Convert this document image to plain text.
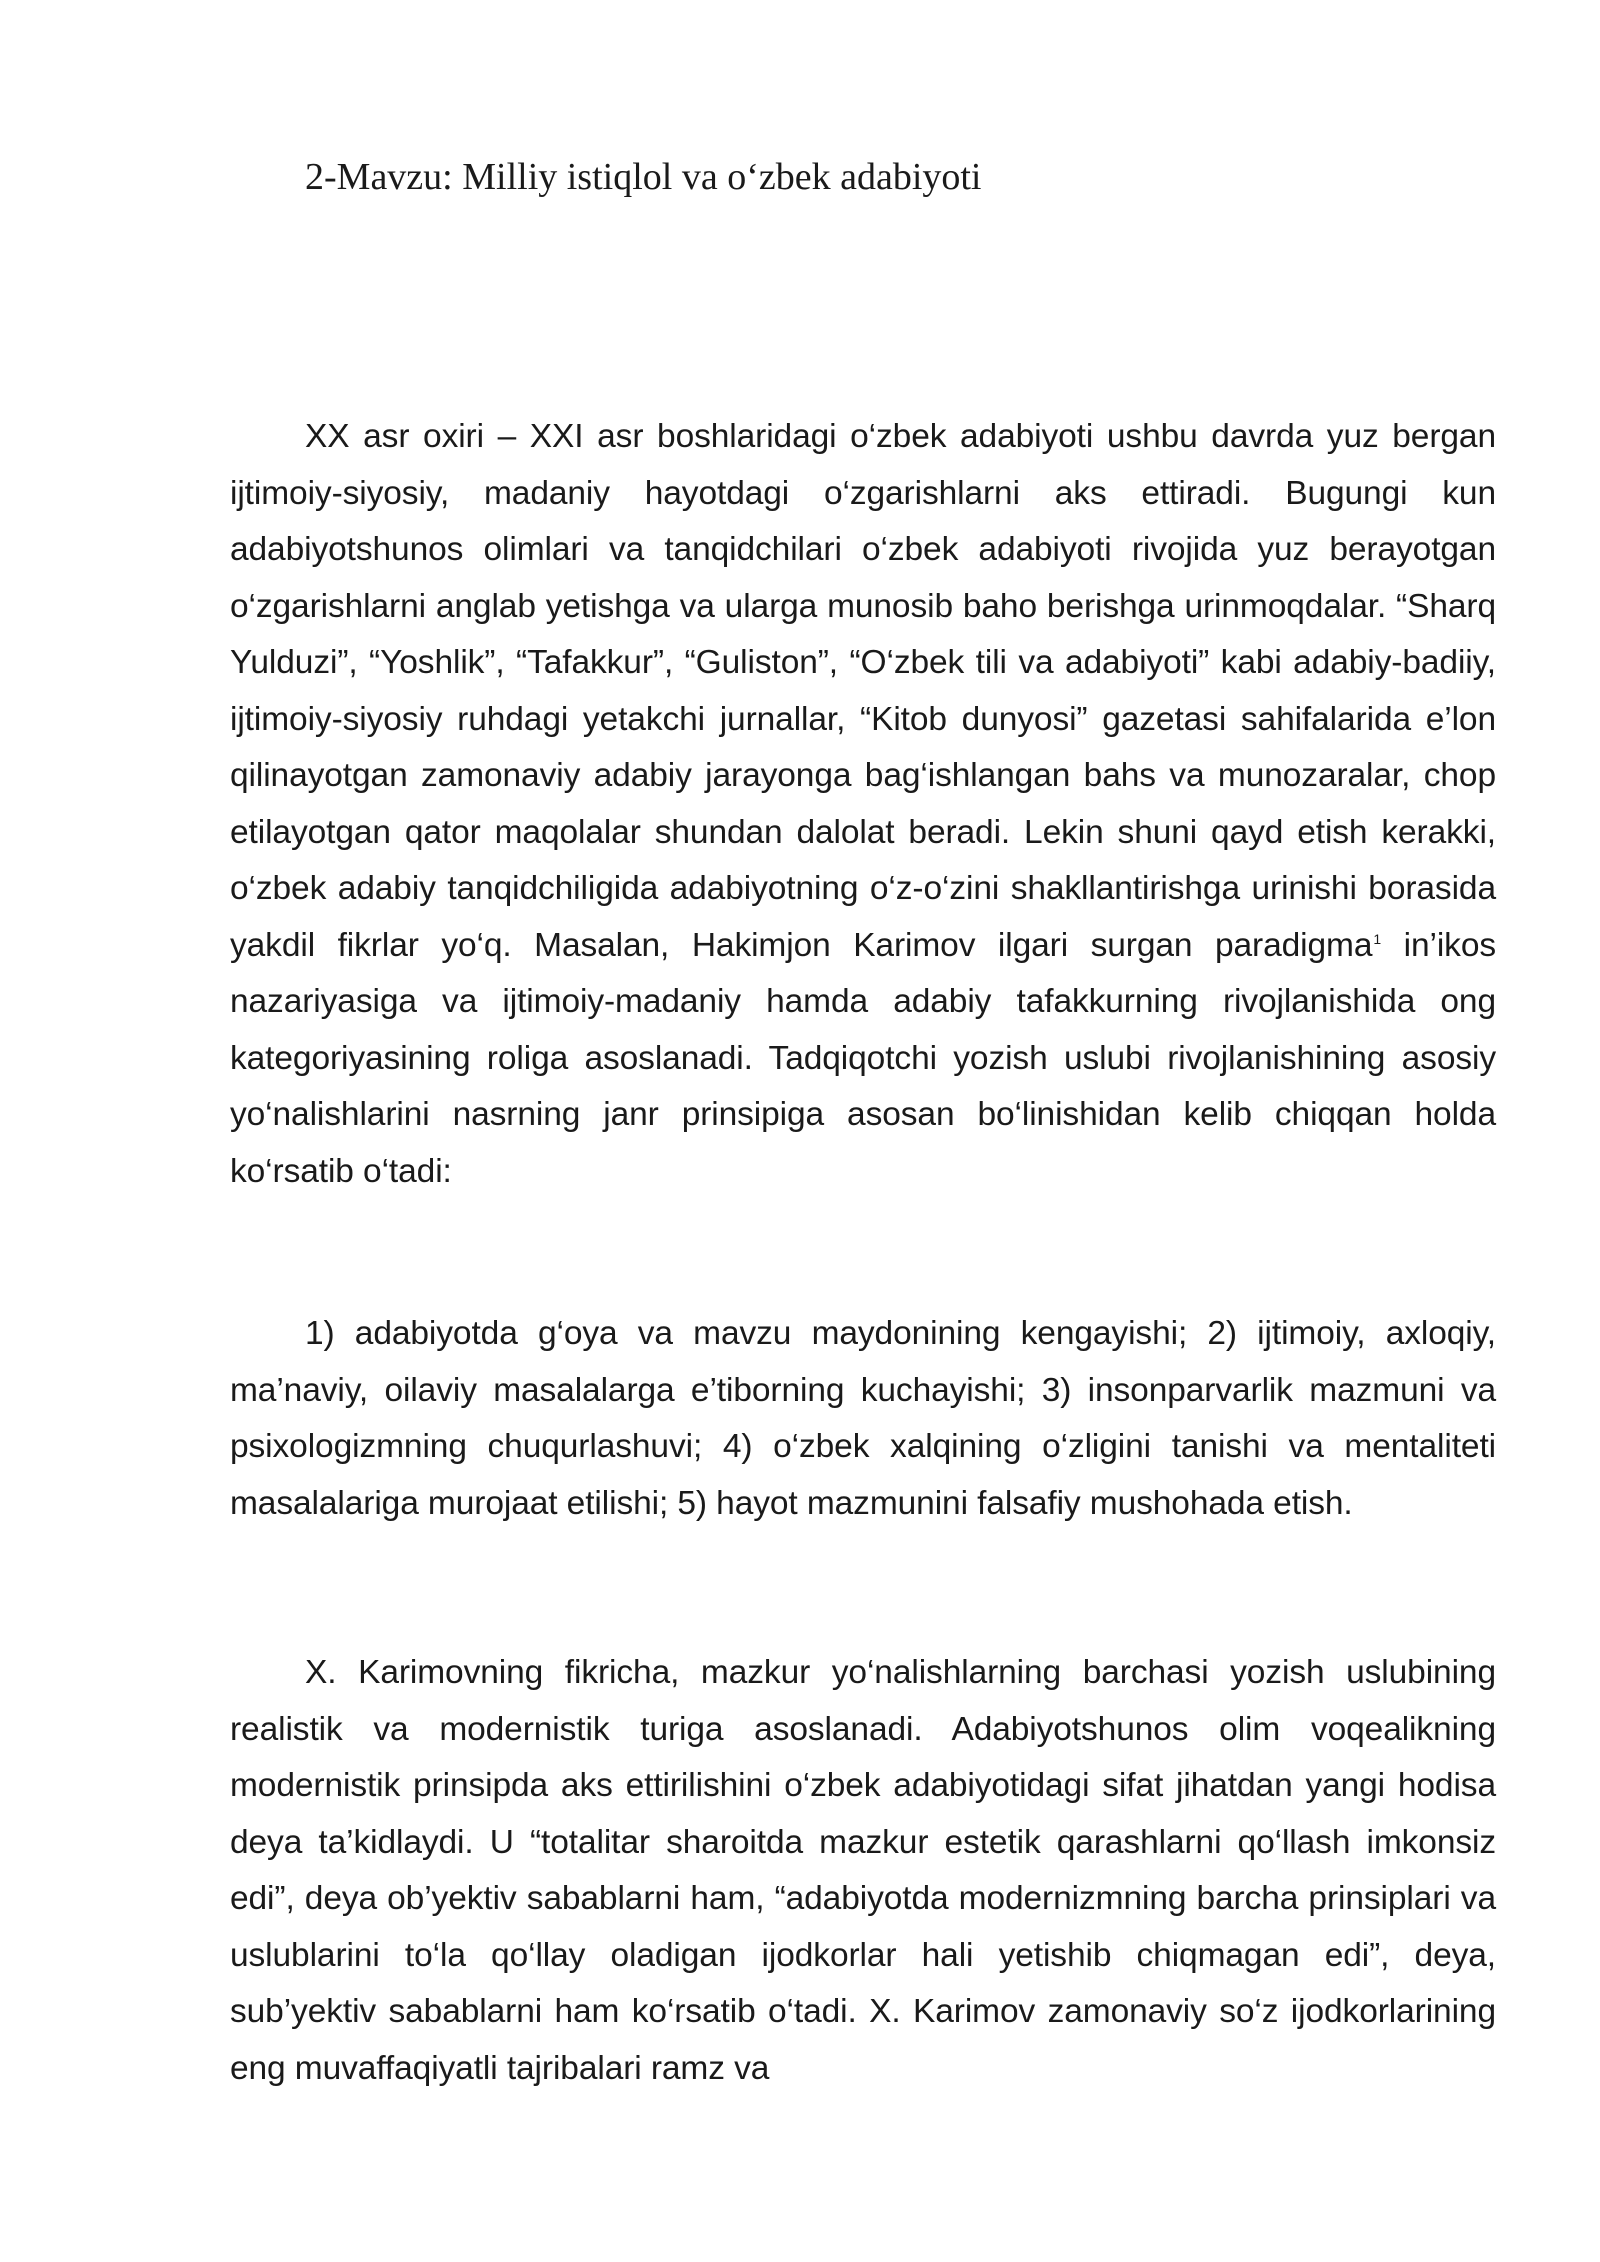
2-Mavzu: Milliy istiqlol va o‘zbek adabiyoti

XX asr oxiri – XXI asr boshlaridagi o‘zbek adabiyoti ushbu davrda yuz bergan ijtimoiy-siyosiy, madaniy hayotdagi o‘zgarishlarni aks ettiradi. Bugungi kun adabiyotshunos olimlari va tanqidchilari o‘zbek adabiyoti rivojida yuz berayotgan o‘zgarishlarni anglab yetishga va ularga munosib baho berishga urinmoqdalar. “Sharq Yulduzi”, “Yoshlik”, “Tafakkur”, “Guliston”, “O‘zbek tili va adabiyoti” kabi adabiy-badiiy, ijtimoiy-siyosiy ruhdagi yetakchi jurnallar, “Kitob dunyosi” gazetasi sahifalarida e’lon qilinayotgan zamonaviy adabiy jarayonga bag‘ishlangan bahs va munozaralar, chop etilayotgan qator maqolalar shundan dalolat beradi. Lekin shuni qayd etish kerakki, o‘zbek adabiy tanqidchiligida adabiyotning o‘z-o‘zini shakllantirishga urinishi borasida yakdil fikrlar yo‘q. Masalan, Hakimjon Karimov ilgari surgan paradigma$^1$ in’ikos nazariyasiga va ijtimoiy-madaniy hamda adabiy tafakkurning rivojlanishida ong kategoriyasining roliga asoslanadi. Tadqiqotchi yozish uslubi rivojlanishining asosiy yo‘nalishlarini nasrning janr prinsipiga asosan bo‘linishidan kelib chiqqan holda ko‘rsatib o‘tadi:

1) adabiyotda g‘oya va mavzu maydonining kengayishi; 2) ijtimoiy, axloqiy, ma’naviy, oilaviy masalalarga e’tiborning kuchayishi; 3) insonparvarlik mazmuni va psixologizmning chuqurlashuvi; 4) o‘zbek xalqining o‘zligini tanishi va mentaliteti masalalariga murojaat etilishi; 5) hayot mazmunini falsafiy mushohada etish.

X. Karimovning fikricha, mazkur yo‘nalishlarning barchasi yozish uslubining realistik va modernistik turiga asoslanadi. Adabiyotshunos olim voqealikning modernistik prinsipda aks ettirilishini o‘zbek adabiyotidagi sifat jihatdan yangi hodisa deya ta’kidlaydi. U “totalitar sharoitda mazkur estetik qarashlarni qo‘llash imkonsiz edi”, deya ob’yektiv sabablarni ham, “adabiyotda modernizmning barcha prinsiplari va uslublarini to‘la qo‘llay oladigan ijodkorlar hali yetishib chiqmagan edi”, deya, sub’yektiv sabablarni ham ko‘rsatib o‘tadi. X. Karimov zamonaviy so‘z ijodkorlarining eng muvaffaqiyatli tajribalari ramz va
